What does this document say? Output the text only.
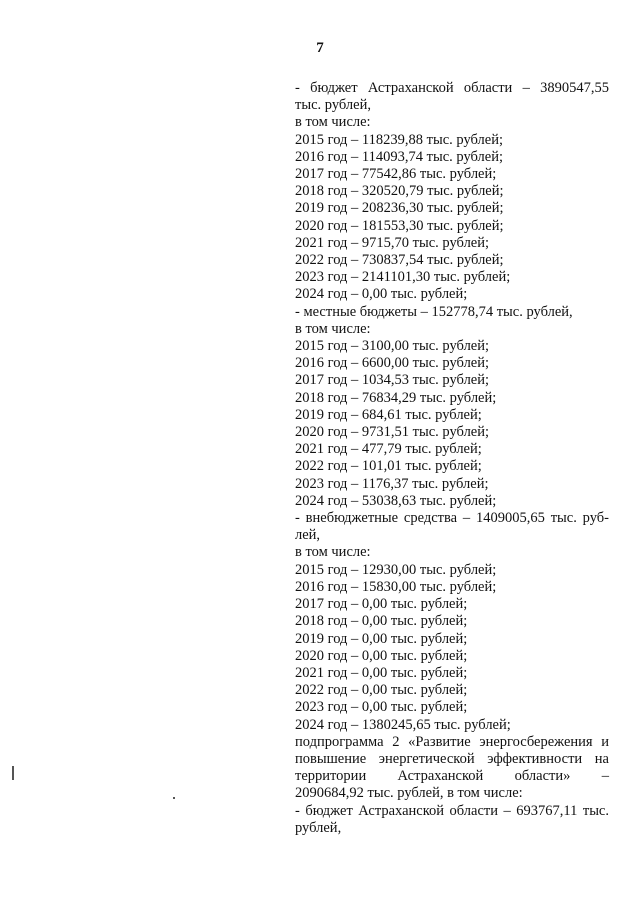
7
- бюджет Астраханской области – 3890547,55
тыс. рублей,
в том числе:
2015 год – 118239,88 тыс. рублей;
2016 год – 114093,74 тыс. рублей;
2017 год – 77542,86 тыс. рублей;
2018 год – 320520,79 тыс. рублей;
2019 год – 208236,30 тыс. рублей;
2020 год – 181553,30 тыс. рублей;
2021 год – 9715,70 тыс. рублей;
2022 год – 730837,54 тыс. рублей;
2023 год – 2141101,30 тыс. рублей;
2024 год – 0,00 тыс. рублей;
- местные бюджеты – 152778,74 тыс. рублей,
в том числе:
2015 год – 3100,00 тыс. рублей;
2016 год – 6600,00 тыс. рублей;
2017 год – 1034,53 тыс. рублей;
2018 год – 76834,29 тыс. рублей;
2019 год – 684,61 тыс. рублей;
2020 год – 9731,51 тыс. рублей;
2021 год – 477,79 тыс. рублей;
2022 год – 101,01 тыс. рублей;
2023 год – 1176,37 тыс. рублей;
2024 год – 53038,63 тыс. рублей;
- внебюджетные средства – 1409005,65 тыс. руб-
лей,
в том числе:
2015 год – 12930,00 тыс. рублей;
2016 год – 15830,00 тыс. рублей;
2017 год – 0,00 тыс. рублей;
2018 год – 0,00 тыс. рублей;
2019 год – 0,00 тыс. рублей;
2020 год – 0,00 тыс. рублей;
2021 год – 0,00 тыс. рублей;
2022 год – 0,00 тыс. рублей;
2023 год – 0,00 тыс. рублей;
2024 год – 1380245,65 тыс. рублей;
подпрограмма 2 «Развитие энергосбережения и
повышение энергетической эффективности на
территории Астраханской области» –
2090684,92 тыс. рублей, в том числе:
- бюджет Астраханской области – 693767,11 тыс.
рублей,
